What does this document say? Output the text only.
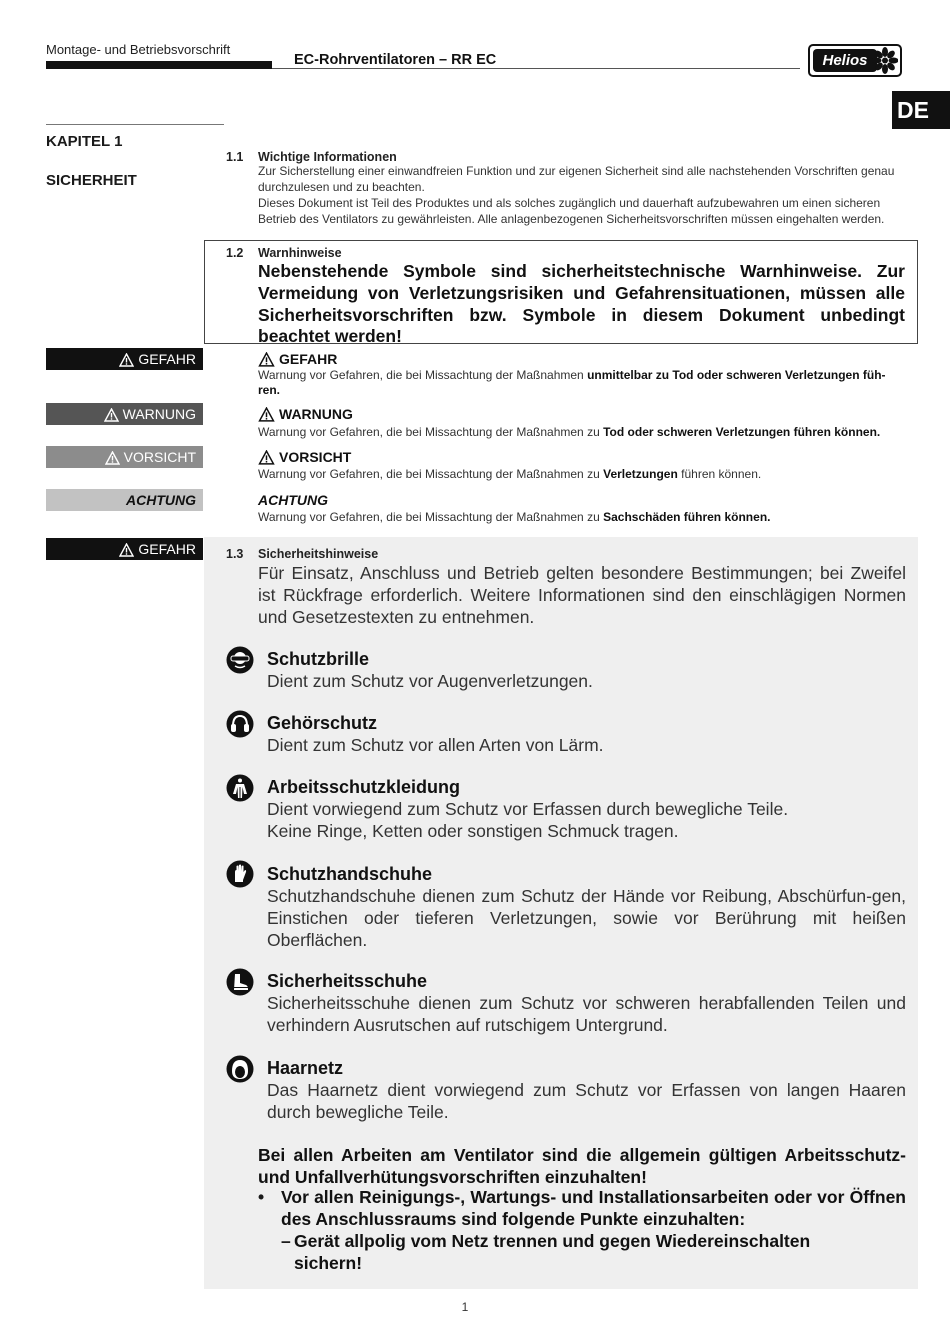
Montage- und Betriebsvorschrift
EC-Rohrventilatoren – RR EC	Helios
DE
KAPITEL 1
SICHERHEIT
1.1 Wichtige Informationen
Zur Sicherstellung einer einwandfreien Funktion und zur eigenen Sicherheit sind alle nachstehenden Vorschriften genau durchzulesen und zu beachten.
Dieses Dokument ist Teil des Produktes und als solches zugänglich und dauerhaft aufzubewahren um einen sicheren Betrieb des Ventilators zu gewährleisten. Alle anlagenbezogenen Sicherheitsvorschriften müssen eingehalten werden.
1.2 Warnhinweise
Nebenstehende Symbole sind sicherheitstechnische Warnhinweise. Zur Vermeidung von Verletzungsrisiken und Gefahrensituationen, müssen alle Sicherheitsvorschriften bzw. Symbole in diesem Dokument unbedingt beachtet werden!
GEFAHR
WARNUNG
VORSICHT
ACHTUNG
GEFAHR
Warnung vor Gefahren, die bei Missachtung der Maßnahmen unmittelbar zu Tod oder schweren Verletzungen füh-ren.
WARNUNG
Warnung vor Gefahren, die bei Missachtung der Maßnahmen zu Tod oder schweren Verletzungen führen können.
VORSICHT
Warnung vor Gefahren, die bei Missachtung der Maßnahmen zu Verletzungen führen können.
ACHTUNG
Warnung vor Gefahren, die bei Missachtung der Maßnahmen zu Sachschäden führen können.
GEFAHR	1.3 Sicherheitshinweise
Für Einsatz, Anschluss und Betrieb gelten besondere Bestimmungen; bei Zweifel ist Rückfrage erforderlich. Weitere Informationen sind den einschlägigen Normen und Gesetzestexten zu entnehmen.
Schutzbrille
Dient zum Schutz vor Augenverletzungen.
Gehörschutz
Dient zum Schutz vor allen Arten von Lärm.
Arbeitsschutzkleidung
Dient vorwiegend zum Schutz vor Erfassen durch bewegliche Teile.
Keine Ringe, Ketten oder sonstigen Schmuck tragen.
Schutzhandschuhe
Schutzhandschuhe dienen zum Schutz der Hände vor Reibung, Abschürfun-gen, Einstichen oder tieferen Verletzungen, sowie vor Berührung mit heißen Oberflächen.
Sicherheitsschuhe
Sicherheitsschuhe dienen zum Schutz vor schweren herabfallenden Teilen und verhindern Ausrutschen auf rutschigem Untergrund.
Haarnetz
Das Haarnetz dient vorwiegend zum Schutz vor Erfassen von langen Haaren durch bewegliche Teile.
Bei allen Arbeiten am Ventilator sind die allgemein gültigen Arbeitsschutz- und Unfallverhütungsvorschriften einzuhalten!
• Vor allen Reinigungs-, Wartungs- und Installationsarbeiten oder vor Öffnen des Anschlussraums sind folgende Punkte einzuhalten:
– Gerät allpolig vom Netz trennen und gegen Wiedereinschalten sichern!
1
